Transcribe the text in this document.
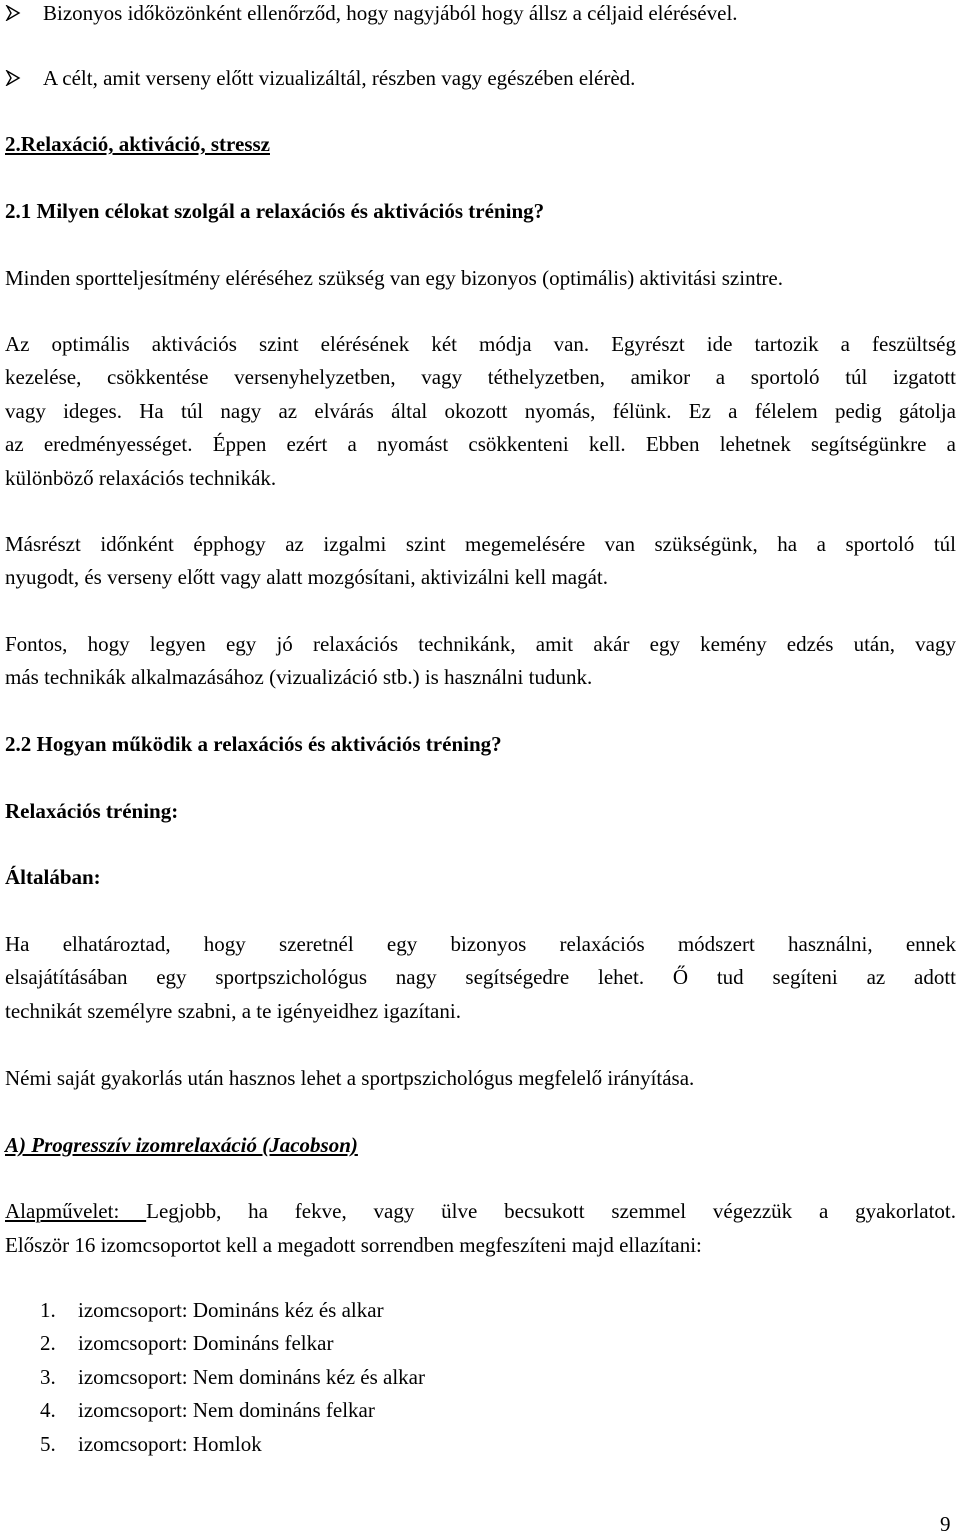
Bizonyos időközönként ellenőrződ, hogy nagyjából hogy állsz a céljaid elérésével.
A célt, amit verseny előtt vizualizáltál, részben vagy egészében elérèd.
2.Relaxáció, aktiváció, stressz
2.1 Milyen célokat szolgál a relaxációs és aktivációs tréning?
Minden sportteljesítmény eléréséhez szükség van egy bizonyos (optimális) aktivitási szintre.
Az optimális aktivációs szint elérésének két módja van. Egyrészt ide tartozik a feszültség
kezelése, csökkentése versenyhelyzetben, vagy téthelyzetben, amikor a sportoló túl izgatott
vagy ideges. Ha túl nagy az elvárás által okozott nyomás, félünk. Ez a félelem pedig gátolja
az eredményességet. Éppen ezért a nyomást csökkenteni kell. Ebben lehetnek segítségünkre a
különböző relaxációs technikák.
Másrészt időnként épphogy az izgalmi szint megemelésére van szükségünk, ha a sportoló túl
nyugodt, és verseny előtt vagy alatt mozgósítani, aktivizálni kell magát.
Fontos, hogy legyen egy jó relaxációs technikánk, amit akár egy kemény edzés után, vagy
más technikák alkalmazásához (vizualizáció stb.) is használni tudunk.
2.2 Hogyan működik a relaxációs és aktivációs tréning?
Relaxációs tréning:
Általában:
Ha elhatároztad, hogy szeretnél egy bizonyos relaxációs módszert használni, ennek
elsajátításában egy sportpszichológus nagy segítségedre lehet. Ő tud segíteni az adott
technikát személyre szabni, a te igényeidhez igazítani.
Némi saját gyakorlás után hasznos lehet a sportpszichológus megfelelő irányítása.
A) Progresszív izomrelaxáció (Jacobson)
Alapművelet: Legjobb, ha fekve, vagy ülve becsukott szemmel végezzük a gyakorlatot.
Először 16 izomcsoportot kell a megadott sorrendben megfeszíteni majd ellazítani:
1. izomcsoport: Domináns kéz és alkar
2. izomcsoport: Domináns felkar
3. izomcsoport: Nem domináns kéz és alkar
4. izomcsoport: Nem domináns felkar
5. izomcsoport: Homlok
9
